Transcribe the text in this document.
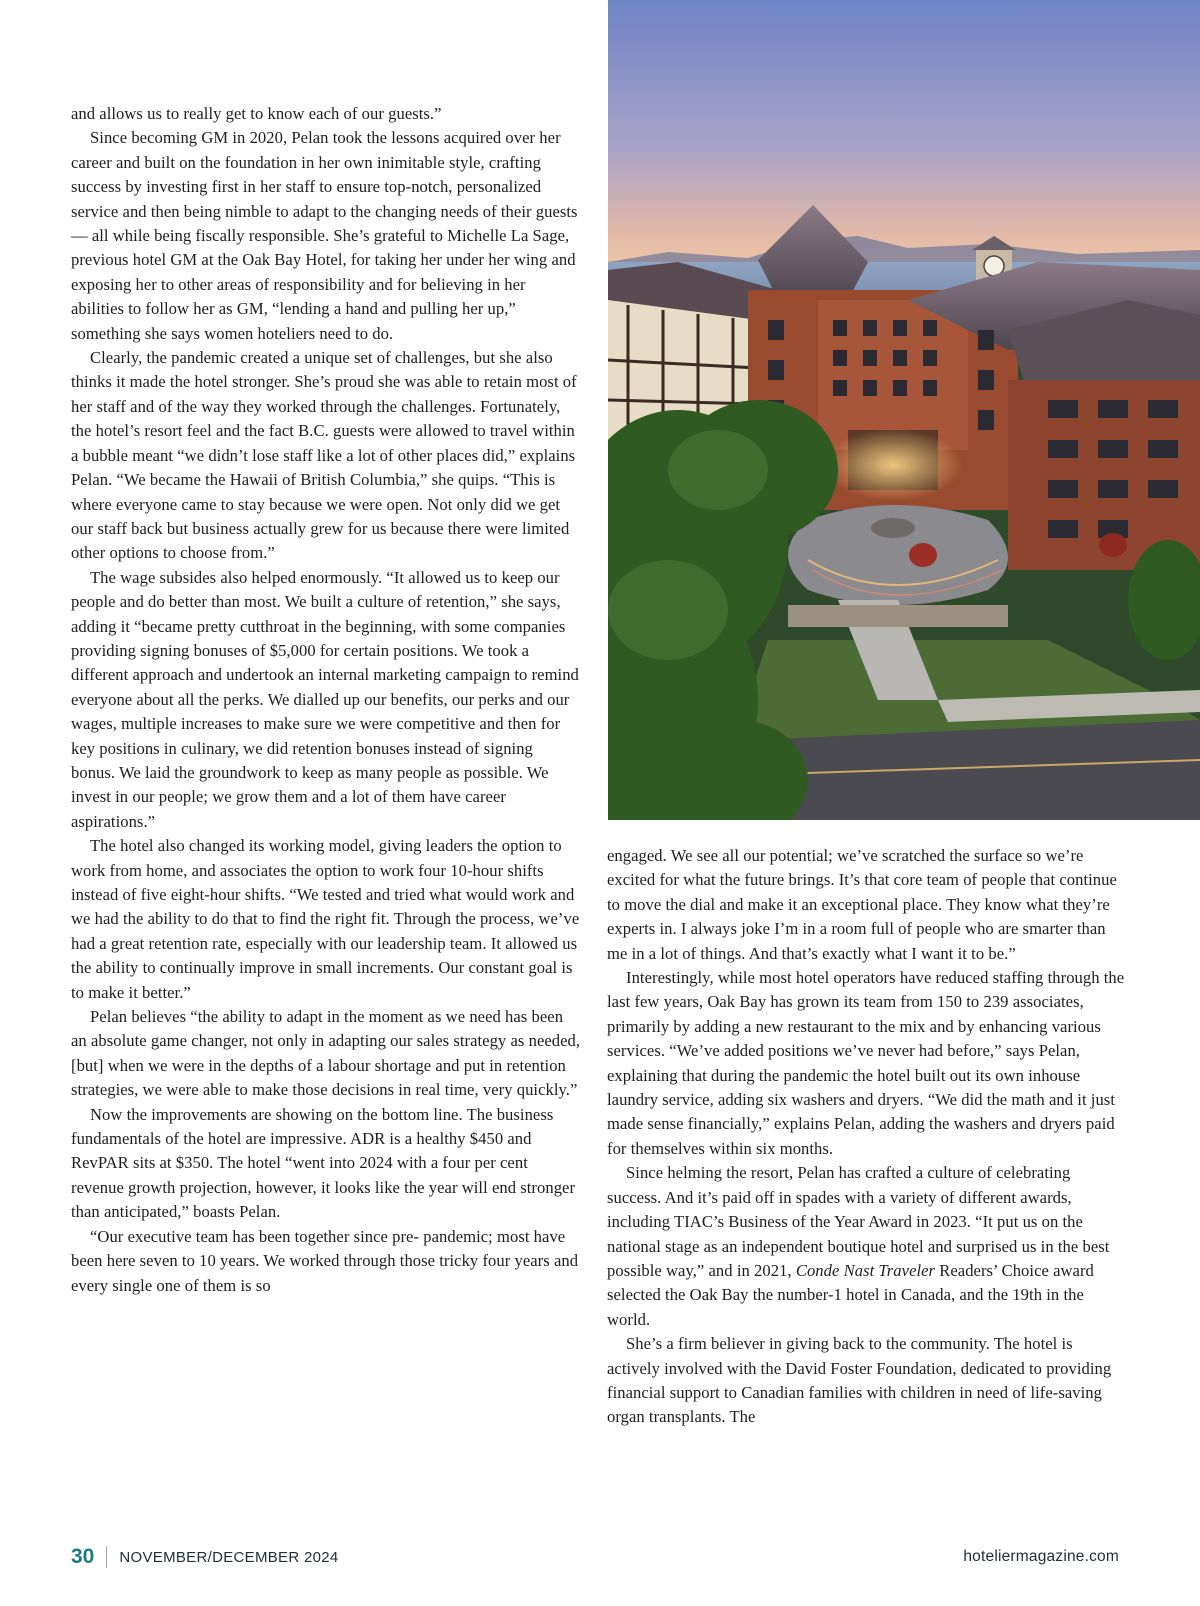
and allows us to really get to know each of our guests.”

Since becoming GM in 2020, Pelan took the lessons acquired over her career and built on the foundation in her own inimitable style, crafting success by investing first in her staff to ensure top-notch, personalized service and then being nimble to adapt to the changing needs of their guests — all while being fiscally responsible. She’s grateful to Michelle La Sage, previous hotel GM at the Oak Bay Hotel, for taking her under her wing and exposing her to other areas of responsibility and for believing in her abilities to follow her as GM, “lending a hand and pulling her up,” something she says women hoteliers need to do.

Clearly, the pandemic created a unique set of challenges, but she also thinks it made the hotel stronger. She’s proud she was able to retain most of her staff and of the way they worked through the challenges. Fortunately, the hotel’s resort feel and the fact B.C. guests were allowed to travel within a bubble meant “we didn’t lose staff like a lot of other places did,” explains Pelan. “We became the Hawaii of British Columbia,” she quips. “This is where everyone came to stay because we were open. Not only did we get our staff back but business actually grew for us because there were limited other options to choose from.”

The wage subsides also helped enormously. “It allowed us to keep our people and do better than most. We built a culture of retention,” she says, adding it “became pretty cutthroat in the beginning, with some companies providing signing bonuses of $5,000 for certain positions. We took a different approach and undertook an internal marketing campaign to remind everyone about all the perks. We dialled up our benefits, our perks and our wages, multiple increases to make sure we were competitive and then for key positions in culinary, we did retention bonuses instead of signing bonus. We laid the groundwork to keep as many people as possible. We invest in our people; we grow them and a lot of them have career aspirations.”

The hotel also changed its working model, giving leaders the option to work from home, and associates the option to work four 10-hour shifts instead of five eight-hour shifts. “We tested and tried what would work and we had the ability to do that to find the right fit. Through the process, we’ve had a great retention rate, especially with our leadership team. It allowed us the ability to continually improve in small increments. Our constant goal is to make it better.”

Pelan believes “the ability to adapt in the moment as we need has been an absolute game changer, not only in adapting our sales strategy as needed, [but] when we were in the depths of a labour shortage and put in retention strategies, we were able to make those decisions in real time, very quickly.”

Now the improvements are showing on the bottom line. The business fundamentals of the hotel are impressive. ADR is a healthy $450 and RevPAR sits at $350. The hotel “went into 2024 with a four per cent revenue growth projection, however, it looks like the year will end stronger than anticipated,” boasts Pelan.

“Our executive team has been together since pre- pandemic; most have been here seven to 10 years. We worked through those tricky four years and every single one of them is so

engaged. We see all our potential; we’ve scratched the surface so we’re excited for what the future brings. It’s that core team of people that continue to move the dial and make it an exceptional place. They know what they’re experts in. I always joke I’m in a room full of people who are smarter than me in a lot of things. And that’s exactly what I want it to be.”

Interestingly, while most hotel operators have reduced staffing through the last few years, Oak Bay has grown its team from 150 to 239 associates, primarily by adding a new restaurant to the mix and by enhancing various services. “We’ve added positions we’ve never had before,” says Pelan, explaining that during the pandemic the hotel built out its own inhouse laundry service, adding six washers and dryers. “We did the math and it just made sense financially,” explains Pelan, adding the washers and dryers paid for themselves within six months.

Since helming the resort, Pelan has crafted a culture of celebrating success. And it’s paid off in spades with a variety of different awards, including TIAC’s Business of the Year Award in 2023. “It put us on the national stage as an independent boutique hotel and surprised us in the best possible way,” and in 2021, Conde Nast Traveler Readers’ Choice award selected the Oak Bay the number-1 hotel in Canada, and the 19th in the world.

She’s a firm believer in giving back to the community. The hotel is actively involved with the David Foster Foundation, dedicated to providing financial support to Canadian families with children in need of life-saving organ transplants. The

30 NOVEMBER/DECEMBER 2024	hoteliermagazine.com
